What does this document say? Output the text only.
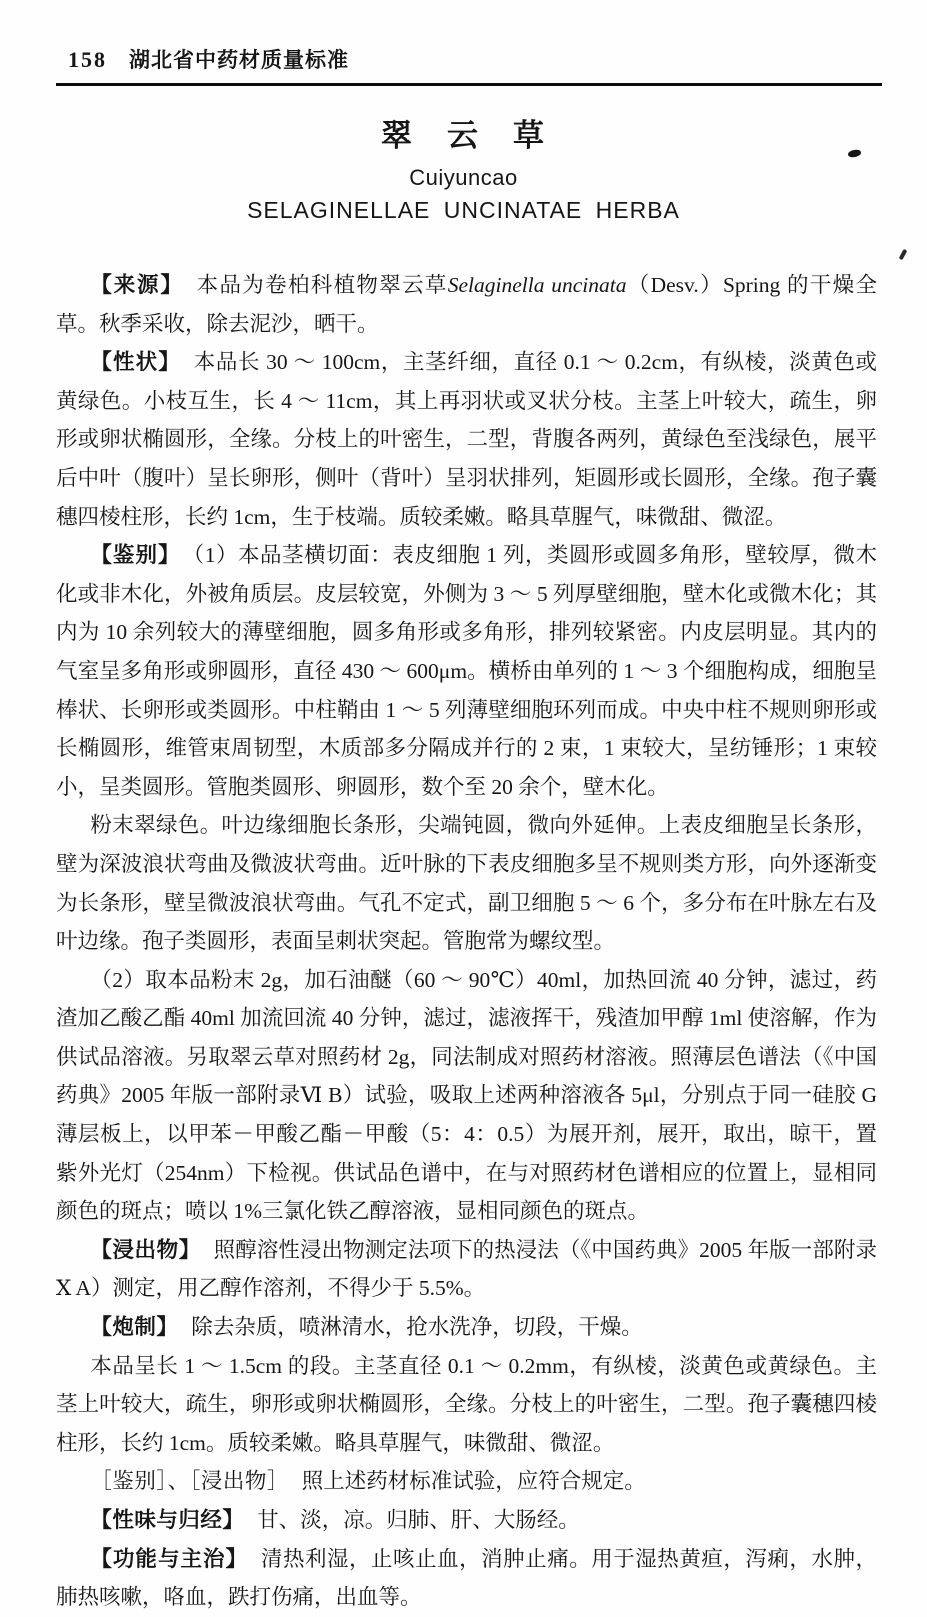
158 湖北省中药材质量标准
翠　云　草
Cuiyuncao
SELAGINELLAE UNCINATAE HERBA

【来源】 本品为卷柏科植物翠云草Selaginella uncinata（Desv.）Spring 的干燥全草。秋季采收，除去泥沙，晒干。

【性状】 本品长 30 ～ 100cm，主茎纤细，直径 0.1 ～ 0.2cm，有纵棱，淡黄色或黄绿色。小枝互生，长 4 ～ 11cm，其上再羽状或叉状分枝。主茎上叶较大，疏生，卵形或卵状椭圆形，全缘。分枝上的叶密生，二型，背腹各两列，黄绿色至浅绿色，展平后中叶（腹叶）呈长卵形，侧叶（背叶）呈羽状排列，矩圆形或长圆形，全缘。孢子囊穗四棱柱形，长约 1cm，生于枝端。质较柔嫩。略具草腥气，味微甜、微涩。

【鉴别】 （1）本品茎横切面：表皮细胞 1 列，类圆形或圆多角形，壁较厚，微木化或非木化，外被角质层。皮层较宽，外侧为 3 ～ 5 列厚壁细胞，壁木化或微木化；其内为 10 余列较大的薄壁细胞，圆多角形或多角形，排列较紧密。内皮层明显。其内的气室呈多角形或卵圆形，直径 430 ～ 600μm。横桥由单列的 1 ～ 3 个细胞构成，细胞呈棒状、长卵形或类圆形。中柱鞘由 1 ～ 5 列薄壁细胞环列而成。中央中柱不规则卵形或长椭圆形，维管束周韧型，木质部多分隔成并行的 2 束，1 束较大，呈纺锤形；1 束较小，呈类圆形。管胞类圆形、卵圆形，数个至 20 余个，壁木化。

粉末翠绿色。叶边缘细胞长条形，尖端钝圆，微向外延伸。上表皮细胞呈长条形，壁为深波浪状弯曲及微波状弯曲。近叶脉的下表皮细胞多呈不规则类方形，向外逐渐变为长条形，壁呈微波浪状弯曲。气孔不定式，副卫细胞 5 ～ 6 个，多分布在叶脉左右及叶边缘。孢子类圆形，表面呈刺状突起。管胞常为螺纹型。

（2）取本品粉末 2g，加石油醚（60 ～ 90℃）40ml，加热回流 40 分钟，滤过，药渣加乙酸乙酯 40ml 加流回流 40 分钟，滤过，滤液挥干，残渣加甲醇 1ml 使溶解，作为供试品溶液。另取翠云草对照药材 2g，同法制成对照药材溶液。照薄层色谱法（《中国药典》2005 年版一部附录Ⅵ B）试验，吸取上述两种溶液各 5μl，分别点于同一硅胶 G 薄层板上，以甲苯－甲酸乙酯－甲酸（5：4：0.5）为展开剂，展开，取出，晾干，置紫外光灯（254nm）下检视。供试品色谱中，在与对照药材色谱相应的位置上，显相同颜色的斑点；喷以 1%三氯化铁乙醇溶液，显相同颜色的斑点。

【浸出物】 照醇溶性浸出物测定法项下的热浸法（《中国药典》2005 年版一部附录Ⅹ A）测定，用乙醇作溶剂，不得少于 5.5%。

【炮制】 除去杂质，喷淋清水，抢水洗净，切段，干燥。

本品呈长 1 ～ 1.5cm 的段。主茎直径 0.1 ～ 0.2mm，有纵棱，淡黄色或黄绿色。主茎上叶较大，疏生，卵形或卵状椭圆形，全缘。分枝上的叶密生，二型。孢子囊穗四棱柱形，长约 1cm。质较柔嫩。略具草腥气，味微甜、微涩。

［鉴别］、［浸出物］ 照上述药材标准试验，应符合规定。

【性味与归经】 甘、淡，凉。归肺、肝、大肠经。

【功能与主治】 清热利湿，止咳止血，消肿止痛。用于湿热黄疸，泻痢，水肿，肺热咳嗽，咯血，跌打伤痛，出血等。
